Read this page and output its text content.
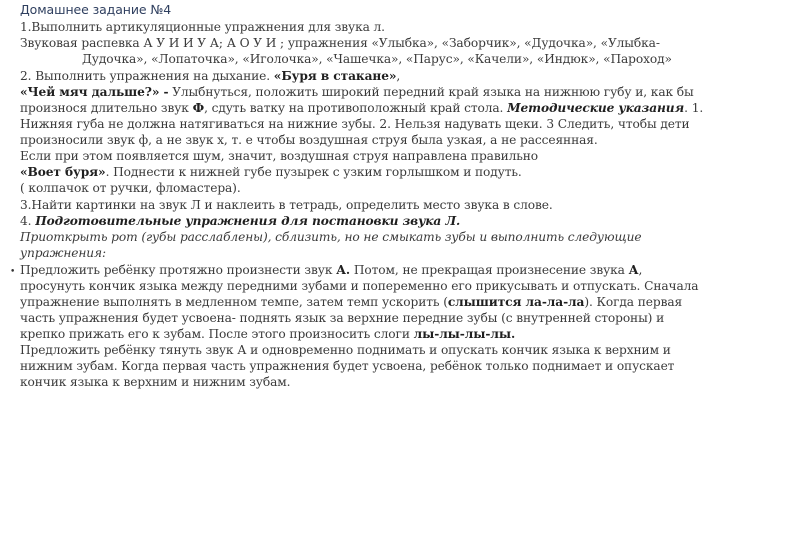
Домашнее задание №4
1.Выполнить артикуляционные упражнения для звука л.
Звуковая распевка А У И И У А; А О У И ; упражнения «Улыбка», «Заборчик», «Дудочка», «Улыбка-
Дудочка», «Лопаточка», «Иголочка», «Чашечка», «Парус», «Качели», «Индюк», «Пароход»
2. Выполнить упражнения на дыхание. «Буря в стакане»,
«Чей мяч дальше?» - Улыбнуться, положить широкий передний край языка на нижнюю губу и, как бы
произнося длительно звук Ф, сдуть ватку на противоположный край стола. Методические указания. 1.
Нижняя губа не должна натягиваться на нижние зубы. 2. Нельзя надувать щеки. 3 Следить, чтобы дети
произносили звук ф, а не звук х, т. е чтобы воздушная струя была узкая, а не рассеянная.
Если при этом появляется шум, значит, воздушная струя направлена правильно
«Воет буря». Поднести к нижней губе пузырек с узким горлышком и подуть.
( колпачок от ручки, фломастера).
3.Найти картинки на звук Л и наклеить в тетрадь, определить место звука в слове.
4. Подготовительные упражнения для постановки звука Л.
Приоткрыть рот (губы расслаблены), сблизить, но не смыкать зубы и выполнить следующие
упражнения:
• Предложить ребёнку протяжно произнести звук А. Потом, не прекращая произнесение звука А,
просунуть кончик языка между передними зубами и попеременно его прикусывать и отпускать. Сначала
упражнение выполнять в медленном темпе, затем темп ускорить (слышится ла-ла-ла). Когда первая
часть упражнения будет усвоена- поднять язык за верхние передние зубы (с внутренней стороны) и
крепко прижать его к зубам. После этого произносить слоги лы-лы-лы-лы.
Предложить ребёнку тянуть звук А и одновременно поднимать и опускать кончик языка к верхним и
нижним зубам. Когда первая часть упражнения будет усвоена, ребёнок только поднимает и опускает
кончик языка к верхним и нижним зубам.
